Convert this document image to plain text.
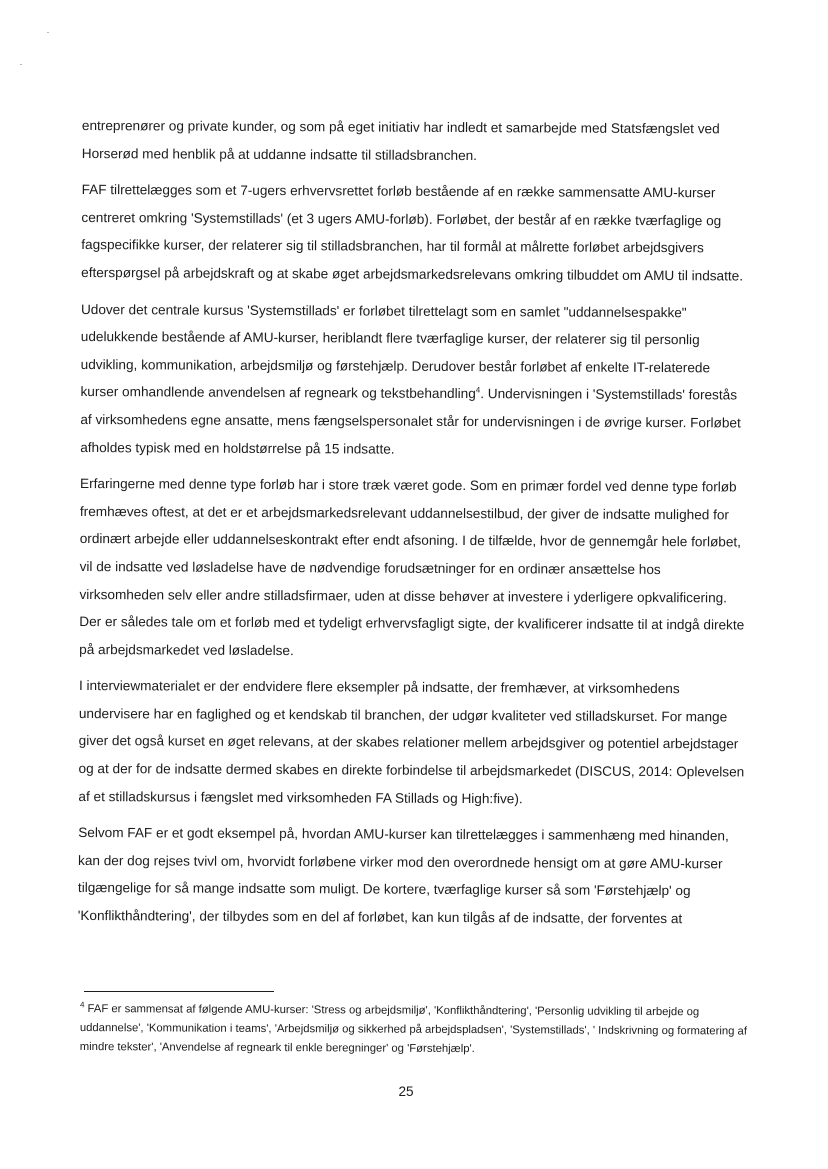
entreprenører og private kunder, og som på eget initiativ har indledt et samarbejde med Statsfængslet ved Horserød med henblik på at uddanne indsatte til stilladsbranchen.

FAF tilrettelægges som et 7-ugers erhvervsrettet forløb bestående af en række sammensatte AMU-kurser centreret omkring 'Systemstillads' (et 3 ugers AMU-forløb). Forløbet, der består af en række tværfaglige og fagspecifikke kurser, der relaterer sig til stilladsbranchen, har til formål at målrette forløbet arbejdsgivers efterspørgsel på arbejdskraft og at skabe øget arbejdsmarkedsrelevans omkring tilbuddet om AMU til indsatte.

Udover det centrale kursus 'Systemstillads' er forløbet tilrettelagt som en samlet "uddannelsespakke" udelukkende bestående af AMU-kurser, heriblandt flere tværfaglige kurser, der relaterer sig til personlig udvikling, kommunikation, arbejdsmiljø og førstehjælp. Derudover består forløbet af enkelte IT-relaterede kurser omhandlende anvendelsen af regneark og tekstbehandling$^4$. Undervisningen i 'Systemstillads' forestås af virksomhedens egne ansatte, mens fængselspersonalet står for undervisningen i de øvrige kurser. Forløbet afholdes typisk med en holdstørrelse på 15 indsatte.

Erfaringerne med denne type forløb har i store træk været gode. Som en primær fordel ved denne type forløb fremhæves oftest, at det er et arbejdsmarkedsrelevant uddannelsestilbud, der giver de indsatte mulighed for ordinært arbejde eller uddannelseskontrakt efter endt afsoning. I de tilfælde, hvor de gennemgår hele forløbet, vil de indsatte ved løsladelse have de nødvendige forudsætninger for en ordinær ansættelse hos virksomheden selv eller andre stilladsfirmaer, uden at disse behøver at investere i yderligere opkvalificering. Der er således tale om et forløb med et tydeligt erhvervsfagligt sigte, der kvalificerer indsatte til at indgå direkte på arbejdsmarkedet ved løsladelse.

I interviewmaterialet er der endvidere flere eksempler på indsatte, der fremhæver, at virksomhedens undervisere har en faglighed og et kendskab til branchen, der udgør kvaliteter ved stilladskurset. For mange giver det også kurset en øget relevans, at der skabes relationer mellem arbejdsgiver og potentiel arbejdstager og at der for de indsatte dermed skabes en direkte forbindelse til arbejdsmarkedet (DISCUS, 2014: Oplevelsen af et stilladskursus i fængslet med virksomheden FA Stillads og High:five).

Selvom FAF er et godt eksempel på, hvordan AMU-kurser kan tilrettelægges i sammenhæng med hinanden, kan der dog rejses tvivl om, hvorvidt forløbene virker mod den overordnede hensigt om at gøre AMU-kurser tilgængelige for så mange indsatte som muligt. De kortere, tværfaglige kurser så som 'Førstehjælp' og 'Konflikthåndtering', der tilbydes som en del af forløbet, kan kun tilgås af de indsatte, der forventes at

$^4$ FAF er sammensat af følgende AMU-kurser: 'Stress og arbejdsmiljø', 'Konflikthåndtering', 'Personlig udvikling til arbejde og uddannelse', 'Kommunikation i teams', 'Arbejdsmiljø og sikkerhed på arbejdspladsen', 'Systemstillads', ' Indskrivning og formatering af mindre tekster', 'Anvendelse af regneark til enkle beregninger' og 'Førstehjælp'.

25
